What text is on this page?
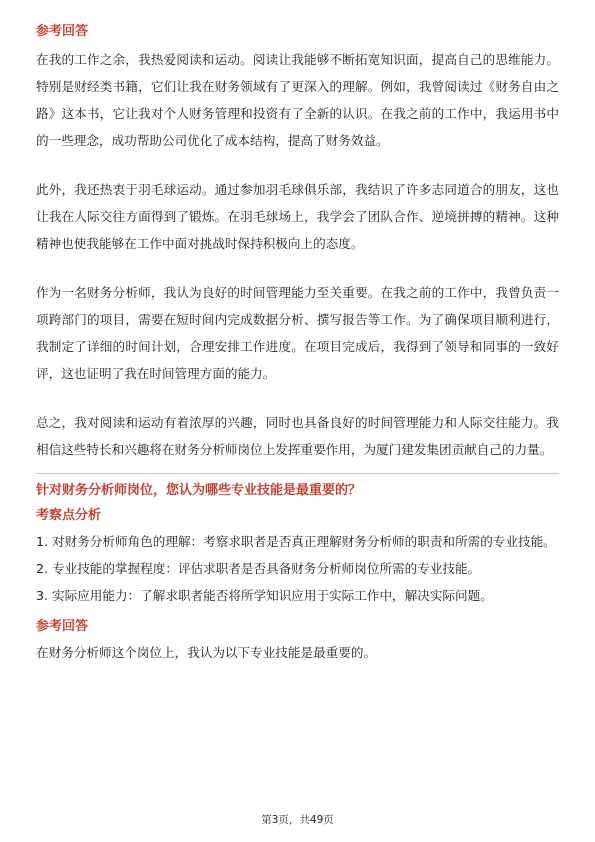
参考回答

在我的工作之余，我热爱阅读和运动。阅读让我能够不断拓宽知识面，提高自己的思维能力。特别是财经类书籍，它们让我在财务领域有了更深入的理解。例如，我曾阅读过《财务自由之路》这本书，它让我对个人财务管理和投资有了全新的认识。在我之前的工作中，我运用书中的一些理念，成功帮助公司优化了成本结构，提高了财务效益。

此外，我还热衷于羽毛球运动。通过参加羽毛球俱乐部，我结识了许多志同道合的朋友，这也让我在人际交往方面得到了锻炼。在羽毛球场上，我学会了团队合作、逆境拼搏的精神。这种精神也使我能够在工作中面对挑战时保持积极向上的态度。

作为一名财务分析师，我认为良好的时间管理能力至关重要。在我之前的工作中，我曾负责一项跨部门的项目，需要在短时间内完成数据分析、撰写报告等工作。为了确保项目顺利进行，我制定了详细的时间计划，合理安排工作进度。在项目完成后，我得到了领导和同事的一致好评，这也证明了我在时间管理方面的能力。

总之，我对阅读和运动有着浓厚的兴趣，同时也具备良好的时间管理能力和人际交往能力。我相信这些特长和兴趣将在财务分析师岗位上发挥重要作用，为厦门建发集团贡献自己的力量。

针对财务分析师岗位，您认为哪些专业技能是最重要的？

考察点分析

1. 对财务分析师角色的理解：考察求职者是否真正理解财务分析师的职责和所需的专业技能。

2. 专业技能的掌握程度：评估求职者是否具备财务分析师岗位所需的专业技能。

3. 实际应用能力：了解求职者能否将所学知识应用于实际工作中，解决实际问题。

参考回答

在财务分析师这个岗位上，我认为以下专业技能是最重要的。

第3页，共49页
